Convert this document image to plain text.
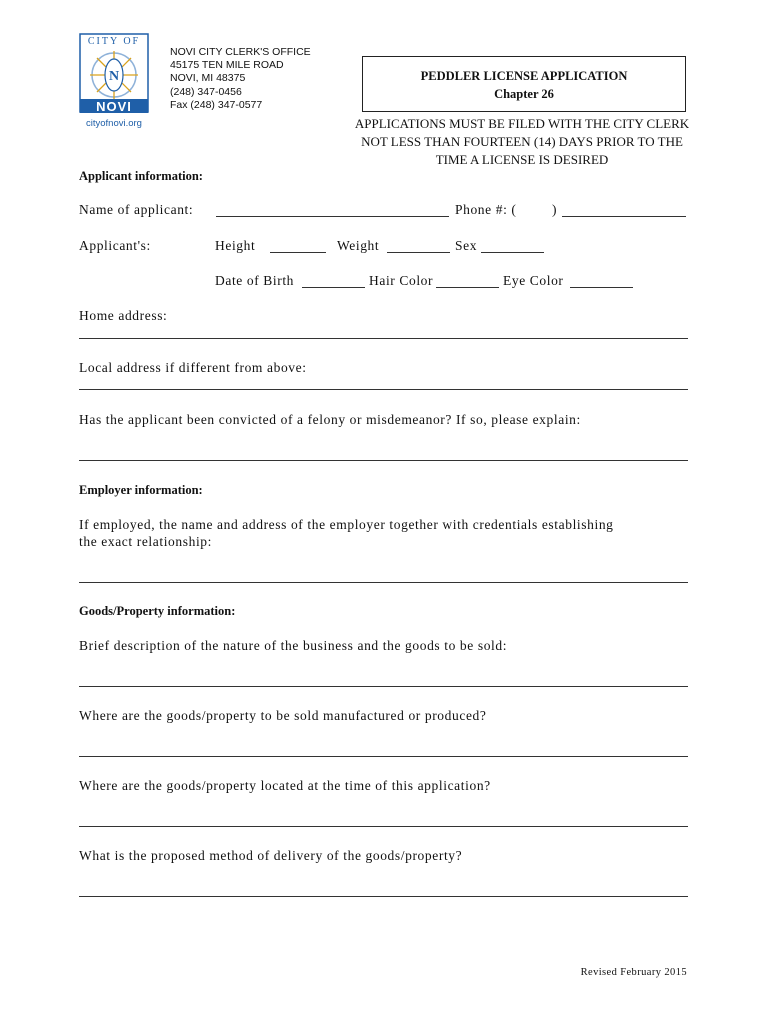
CITY OF
N
NOVI
cityofnovi.org
NOVI CITY CLERK'S OFFICE
45175 TEN MILE ROAD
NOVI, MI 48375
(248) 347-0456
Fax (248) 347-0577
PEDDLER LICENSE APPLICATION
Chapter 26
APPLICATIONS MUST BE FILED WITH THE CITY CLERK
NOT LESS THAN FOURTEEN (14) DAYS PRIOR TO THE
TIME A LICENSE IS DESIRED
Applicant information:
Name of applicant:	Phone #: (	)
Applicant's:	Height	Weight	Sex
Date of Birth	Hair Color	Eye Color
Home address:
Local address if different from above:
Has the applicant been convicted of a felony or misdemeanor? If so, please explain:
Employer information:
If employed, the name and address of the employer together with credentials establishing
the exact relationship:
Goods/Property information:
Brief description of the nature of the business and the goods to be sold:
Where are the goods/property to be sold manufactured or produced?
Where are the goods/property located at the time of this application?
What is the proposed method of delivery of the goods/property?
Revised February 2015
